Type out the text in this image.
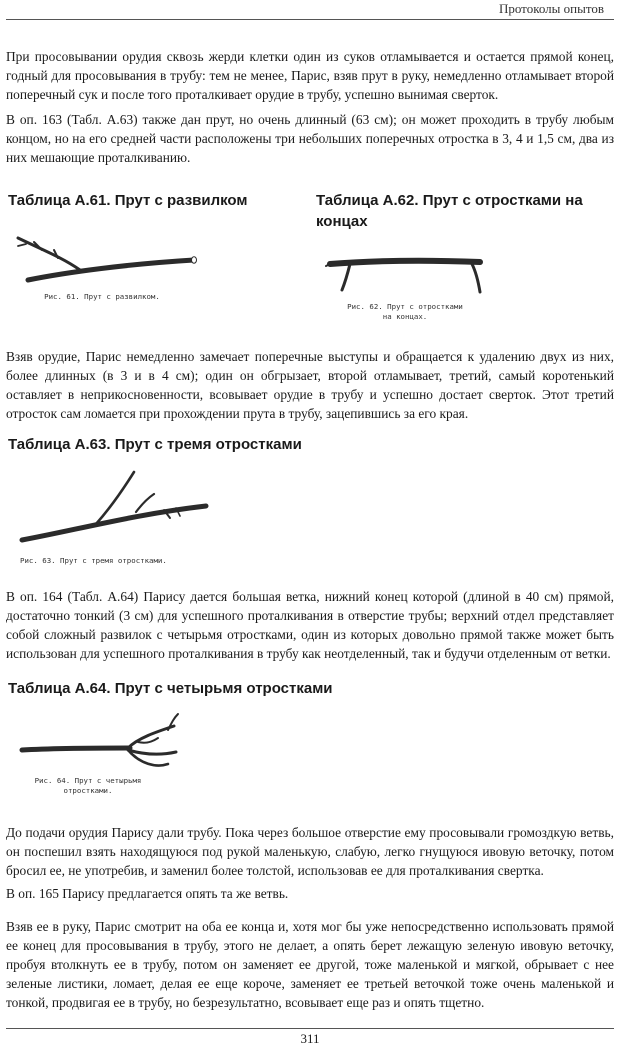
Протоколы опытов

При просовывании орудия сквозь жерди клетки один из суков отламывается и остается прямой конец, годный для просовывания в трубу: тем не менее, Парис, взяв прут в руку, немедленно отламывает второй поперечный сук и после того проталкивает орудие в трубу, успешно вынимая сверток.

В оп. 163 (Табл. А.63) также дан прут, но очень длинный (63 см); он может проходить в трубу любым концом, но на его средней части расположены три небольших поперечных отростка в 3, 4 и 1,5 см, два из них мешающие проталкиванию.

Таблица А.61. Прут с развилком
Рис. 61. Прут с развилком.
Таблица А.62. Прут с отростками на концах
Рис. 62. Прут с отростками
на концах.

Взяв орудие, Парис немедленно замечает поперечные выступы и обращается к удалению двух из них, более длинных (в 3 и в 4 см); один он обгрызает, второй отламывает, третий, самый коротенький оставляет в неприкосновенности, всовывает орудие в трубу и успешно достает сверток. Этот третий отросток сам ломается при прохождении прута в трубу, зацепившись за его края.

Таблица А.63. Прут с тремя отростками
Рис. 63. Прут с тремя отростками.

В оп. 164 (Табл. А.64) Парису дается большая ветка, нижний конец которой (длиной в 40 см) прямой, достаточно тонкий (3 см) для успешного проталкивания в отверстие трубы; верхний отдел представляет собой сложный развилок с четырьмя отростками, один из которых довольно прямой также может быть использован для успешного проталкивания в трубу как неотделенный, так и будучи отделенным от ветки.

Таблица А.64. Прут с четырьмя отростками
Рис. 64. Прут с четырьмя
отростками.

До подачи орудия Парису дали трубу. Пока через большое отверстие ему просовывали громоздкую ветвь, он поспешил взять находящуюся под рукой маленькую, слабую, легко гнущуюся ивовую веточку, потом бросил ее, не употребив, и заменил более толстой, использовав ее для проталкивания свертка.

В оп. 165 Парису предлагается опять та же ветвь.

Взяв ее в руку, Парис смотрит на оба ее конца и, хотя мог бы уже непосредственно использовать прямой ее конец для просовывания в трубу, этого не делает, а опять берет лежащую зеленую ивовую веточку, пробуя втолкнуть ее в трубу, потом он заменяет ее другой, тоже маленькой и мягкой, обрывает с нее зеленые листики, ломает, делая ее еще короче, заменяет ее третьей веточкой тоже очень маленькой и тонкой, продвигая ее в трубу, но безрезультатно, всовывает еще раз и опять тщетно.

311
